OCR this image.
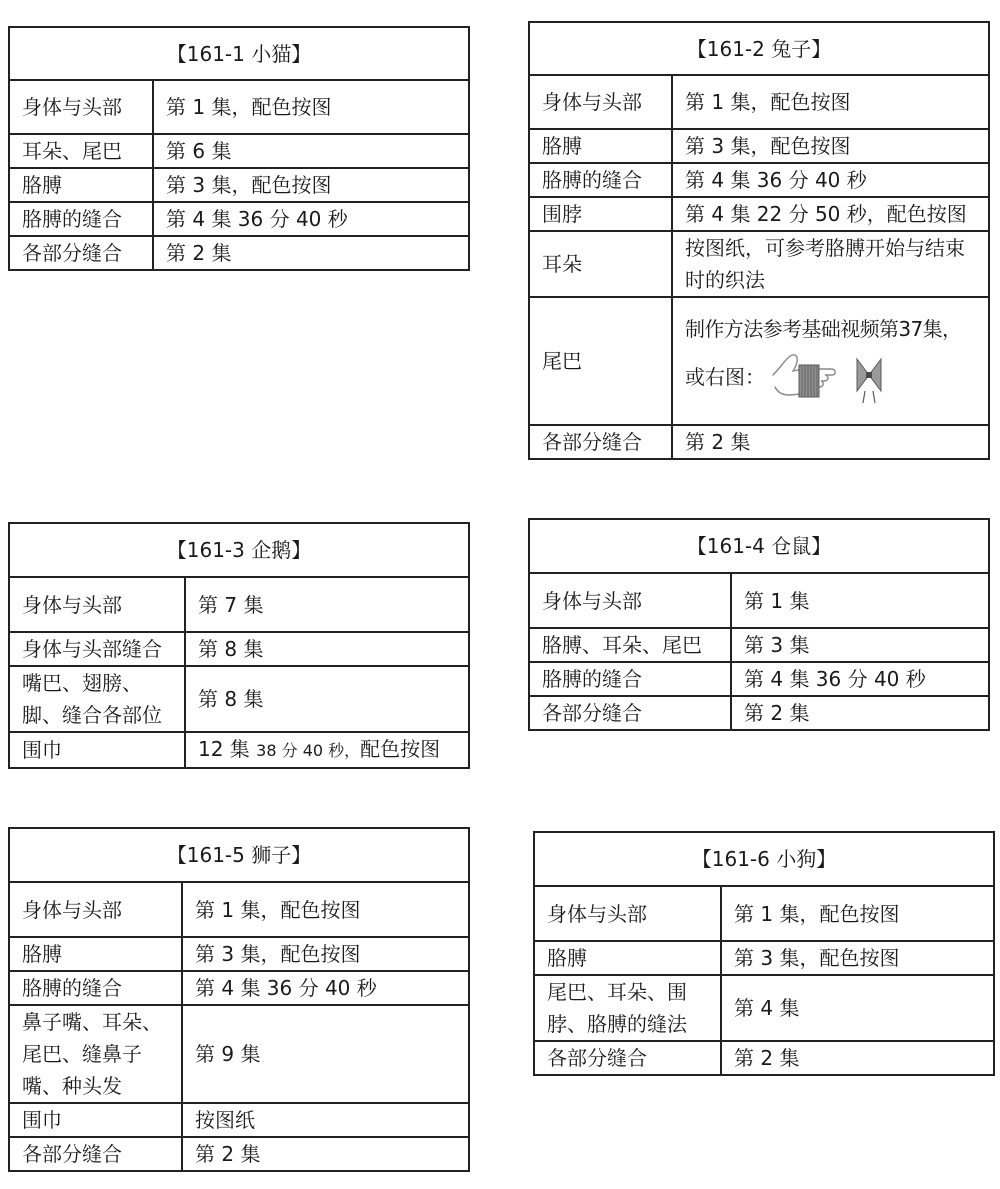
【161-1 小猫】	
身体与头部	第 1 集，配色按图
耳朵、尾巴	第 6 集
胳膊	第 3 集，配色按图
胳膊的缝合	第 4 集 36 分 40 秒
各部分缝合	第 2 集
【161-2 兔子】	
身体与头部	第 1 集，配色按图
胳膊	第 3 集，配色按图
胳膊的缝合	第 4 集 36 分 40 秒
围脖	第 4 集 22 分 50 秒，配色按图
耳朵	按图纸，可参考胳膊开始与结束时的织法
尾巴	制作方法参考基础视频第37集，
或右图：

各部分缝合	第 2 集
【161-3 企鹅】	
身体与头部	第 7 集
身体与头部缝合	第 8 集
嘴巴、翅膀、脚、缝合各部位	第 8 集
围巾	12 集 38 分 40 秒，配色按图
【161-4 仓鼠】	
身体与头部	第 1 集
胳膊、耳朵、尾巴	第 3 集
胳膊的缝合	第 4 集 36 分 40 秒
各部分缝合	第 2 集
【161-5 狮子】	
身体与头部	第 1 集，配色按图
胳膊	第 3 集，配色按图
胳膊的缝合	第 4 集 36 分 40 秒
鼻子嘴、耳朵、尾巴、缝鼻子嘴、种头发	第 9 集
围巾	按图纸
各部分缝合	第 2 集
【161-6 小狗】	
身体与头部	第 1 集，配色按图
胳膊	第 3 集，配色按图
尾巴、耳朵、围脖、胳膊的缝法	第 4 集
各部分缝合	第 2 集
